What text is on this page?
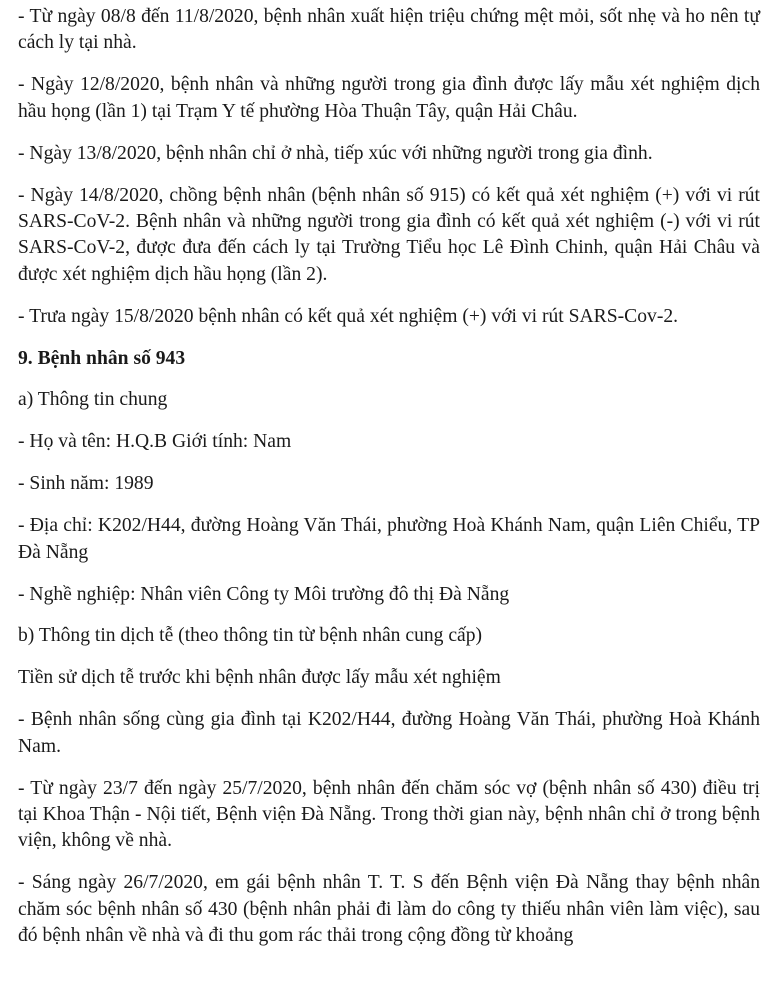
- Từ ngày 08/8 đến 11/8/2020, bệnh nhân xuất hiện triệu chứng mệt mỏi, sốt nhẹ và ho nên tự cách ly tại nhà.

- Ngày 12/8/2020, bệnh nhân và những người trong gia đình được lấy mẫu xét nghiệm dịch hầu họng (lần 1) tại Trạm Y tế phường Hòa Thuận Tây, quận Hải Châu.

- Ngày 13/8/2020, bệnh nhân chỉ ở nhà, tiếp xúc với những người trong gia đình.

- Ngày 14/8/2020, chồng bệnh nhân (bệnh nhân số 915) có kết quả xét nghiệm (+) với vi rút SARS-CoV-2. Bệnh nhân và những người trong gia đình có kết quả xét nghiệm (-) với vi rút SARS-CoV-2, được đưa đến cách ly tại Trường Tiểu học Lê Đình Chinh, quận Hải Châu và được xét nghiệm dịch hầu họng (lần 2).

- Trưa ngày 15/8/2020 bệnh nhân có kết quả xét nghiệm (+) với vi rút SARS-Cov-2.

9. Bệnh nhân số 943

a) Thông tin chung

- Họ và tên: H.Q.B Giới tính: Nam

- Sinh năm: 1989

- Địa chỉ: K202/H44, đường Hoàng Văn Thái, phường Hoà Khánh Nam, quận Liên Chiểu, TP Đà Nẵng

- Nghề nghiệp: Nhân viên Công ty Môi trường đô thị Đà Nẵng

b) Thông tin dịch tễ (theo thông tin từ bệnh nhân cung cấp)

Tiền sử dịch tễ trước khi bệnh nhân được lấy mẫu xét nghiệm

- Bệnh nhân sống cùng gia đình tại K202/H44, đường Hoàng Văn Thái, phường Hoà Khánh Nam.

- Từ ngày 23/7 đến ngày 25/7/2020, bệnh nhân đến chăm sóc vợ (bệnh nhân số 430) điều trị tại Khoa Thận - Nội tiết, Bệnh viện Đà Nẵng. Trong thời gian này, bệnh nhân chỉ ở trong bệnh viện, không về nhà.

- Sáng ngày 26/7/2020, em gái bệnh nhân T. T. S đến Bệnh viện Đà Nẵng thay bệnh nhân chăm sóc bệnh nhân số 430 (bệnh nhân phải đi làm do công ty thiếu nhân viên làm việc), sau đó bệnh nhân về nhà và đi thu gom rác thải trong cộng đồng từ khoảng
